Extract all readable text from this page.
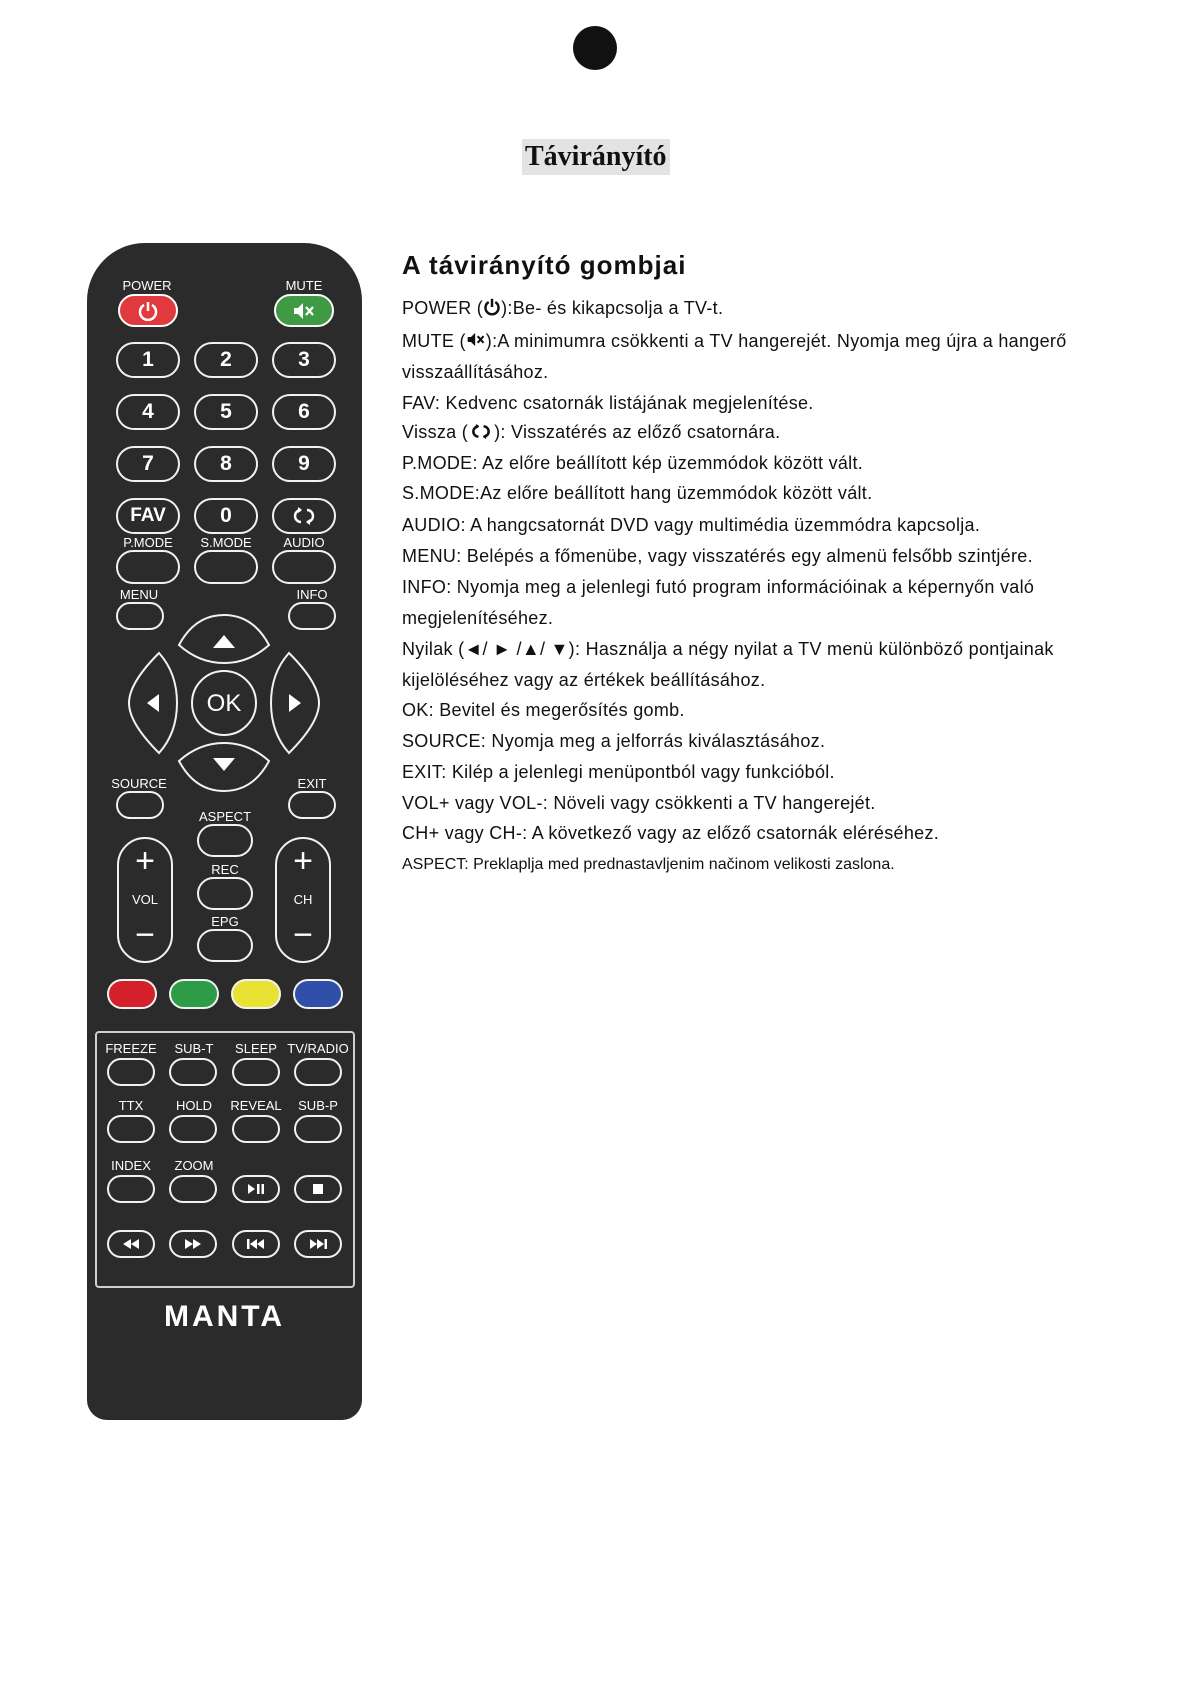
Távirányító
POWER	MUTE
1	2	3
4	5	6
7	8	9
FAV	0
P.MODE S.MODE AUDIO
MENU	INFO
OK
SOURCE	EXIT
ASPECT
REC
EPG
+
VOL
−
+
CH
−
FREEZE SUB-T SLEEP TV/RADIO
TTX	HOLD REVEAL SUB-P
INDEX ZOOM
MANTA
A távirányító gombjai
POWER ( ):Be- és kikapcsolja a TV-t.
MUTE ( ):A minimumra csökkenti a TV hangerejét. Nyomja meg újra a hangerő
visszaállításához.
FAV: Kedvenc csatornák listájának megjelenítése.
Vissza ( ): Visszatérés az előző csatornára.
P.MODE: Az előre beállított kép üzemmódok között vált.
S.MODE:Az előre beállított hang üzemmódok között vált.
AUDIO: A hangcsatornát DVD vagy multimédia üzemmódra kapcsolja.
MENU: Belépés a főmenübe, vagy visszatérés egy almenü felsőbb szintjére.
INFO: Nyomja meg a jelenlegi futó program információinak a képernyőn való
megjelenítéséhez.
Nyilak (◄/ ► /▲/ ▼): Használja a négy nyilat a TV menü különböző pontjainak
kijelöléséhez vagy az értékek beállításához.
OK: Bevitel és megerősítés gomb.
SOURCE: Nyomja meg a jelforrás kiválasztásához.
EXIT: Kilép a jelenlegi menüpontból vagy funkcióból.
VOL+ vagy VOL-: Növeli vagy csökkenti a TV hangerejét.
CH+ vagy CH-: A következő vagy az előző csatornák eléréséhez.
ASPECT: Preklaplja med prednastavljenim načinom velikosti zaslona.
